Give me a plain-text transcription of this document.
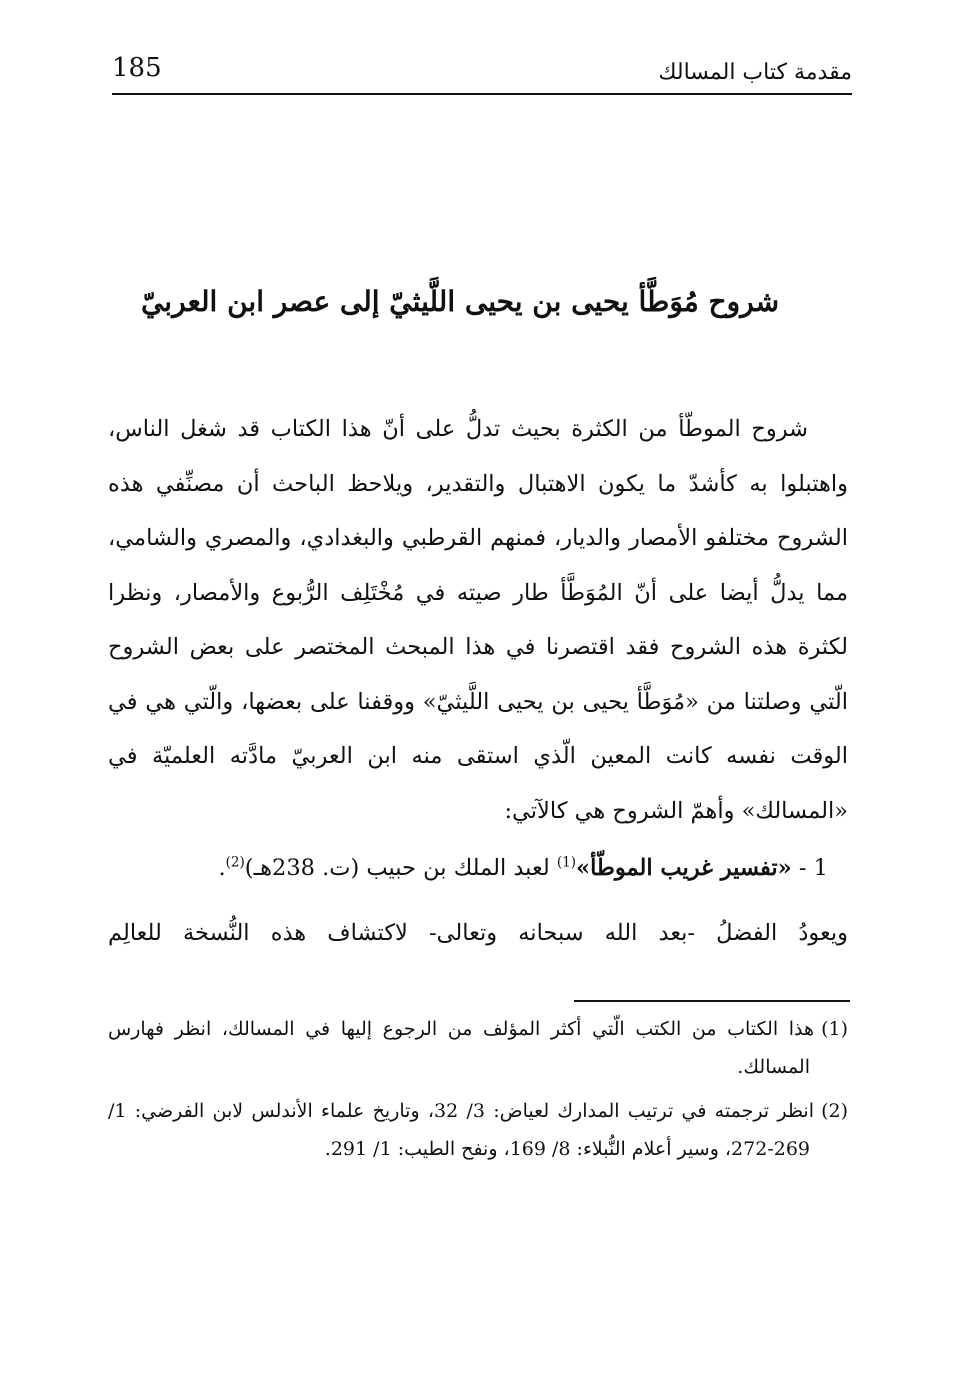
مقدمة كتاب المسالك
185
شروح مُوَطَّأ يحيى بن يحيى اللَّيثيّ إلى عصر ابن العربيّ

شروح الموطّأ من الكثرة بحيث تدلُّ على أنّ هذا الكتاب قد شغل الناس، واهتبلوا به كأشدّ ما يكون الاهتبال والتقدير، ويلاحظ الباحث أن مصنِّفي هذه الشروح مختلفو الأمصار والديار، فمنهم القرطبي والبغدادي، والمصري والشامي، مما يدلُّ أيضا على أنّ المُوَطَّأ طار صيته في مُخْتَلِف الرُّبوع والأمصار، ونظرا لكثرة هذه الشروح فقد اقتصرنا في هذا المبحث المختصر على بعض الشروح الّتي وصلتنا من «مُوَطَّأ يحيى بن يحيى اللَّيثيّ» ووقفنا على بعضها، والّتي هي في الوقت نفسه كانت المعين الّذي استقى منه ابن العربيّ مادَّته العلميّة في «المسالك» وأهمّ الشروح هي كالآتي:

1 - «تفسير غريب الموطّأ»$^{(1)}$ لعبد الملك بن حبيب (ت. 238هـ)$^{(2)}$.
ويعودُ الفضلُ -بعد الله سبحانه وتعالى- لاكتشاف هذه النُّسخة للعالِم

(1)هذا الكتاب من الكتب الّتي أكثر المؤلف من الرجوع إليها في المسالك، انظر فهارس المسالك.

(2)انظر ترجمته في ترتيب المدارك لعياض: 3/ 32، وتاريخ علماء الأندلس لابن الفرضي: 1/ 269-272، وسير أعلام النُّبلاء: 8/ 169، ونفح الطيب: 1/ 291.
